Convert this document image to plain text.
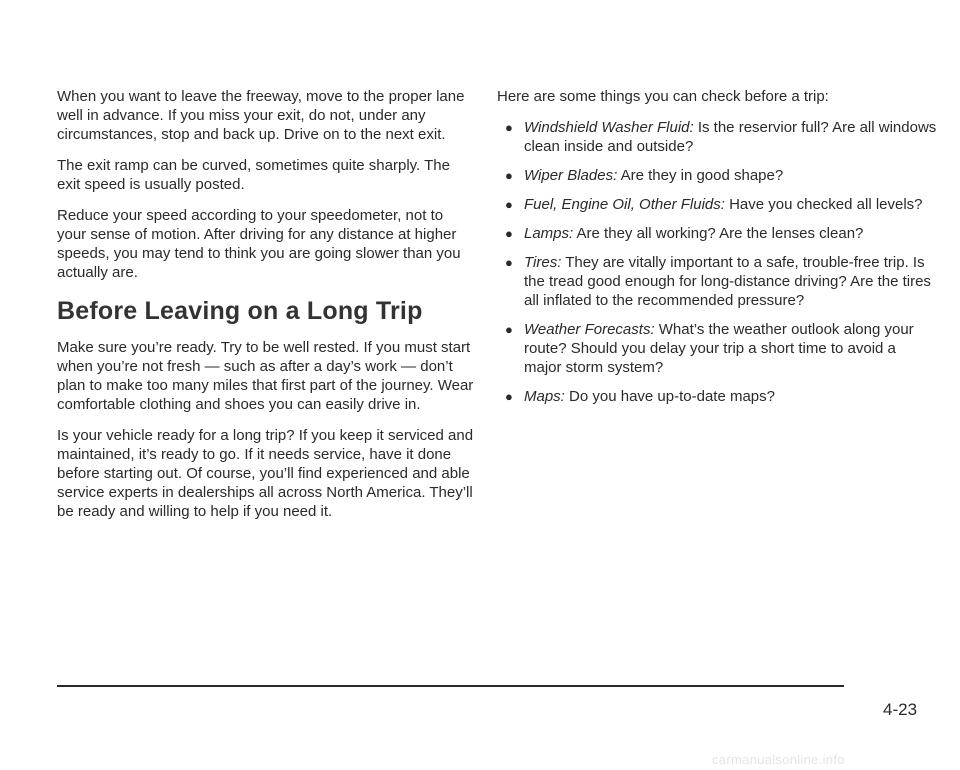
When you want to leave the freeway, move to the proper lane well in advance. If you miss your exit, do not, under any circumstances, stop and back up. Drive on to the next exit.

The exit ramp can be curved, sometimes quite sharply. The exit speed is usually posted.

Reduce your speed according to your speedometer, not to your sense of motion. After driving for any distance at higher speeds, you may tend to think you are going slower than you actually are.

Before Leaving on a Long Trip

Make sure you’re ready. Try to be well rested. If you must start when you’re not fresh — such as after a day’s work — don’t plan to make too many miles that first part of the journey. Wear comfortable clothing and shoes you can easily drive in.

Is your vehicle ready for a long trip? If you keep it serviced and maintained, it’s ready to go. If it needs service, have it done before starting out. Of course, you’ll find experienced and able service experts in dealerships all across North America. They’ll be ready and willing to help if you need it.

Here are some things you can check before a trip:

● Windshield Washer Fluid: Is the reservior full? Are all windows clean inside and outside?
● Wiper Blades: Are they in good shape?
● Fuel, Engine Oil, Other Fluids: Have you checked all levels?
● Lamps: Are they all working? Are the lenses clean?
● Tires: They are vitally important to a safe, trouble-free trip. Is the tread good enough for long-distance driving? Are the tires all inflated to the recommended pressure?
● Weather Forecasts: What’s the weather outlook along your route? Should you delay your trip a short time to avoid a major storm system?
● Maps: Do you have up-to-date maps?
4-23
carmanualsonline.info
